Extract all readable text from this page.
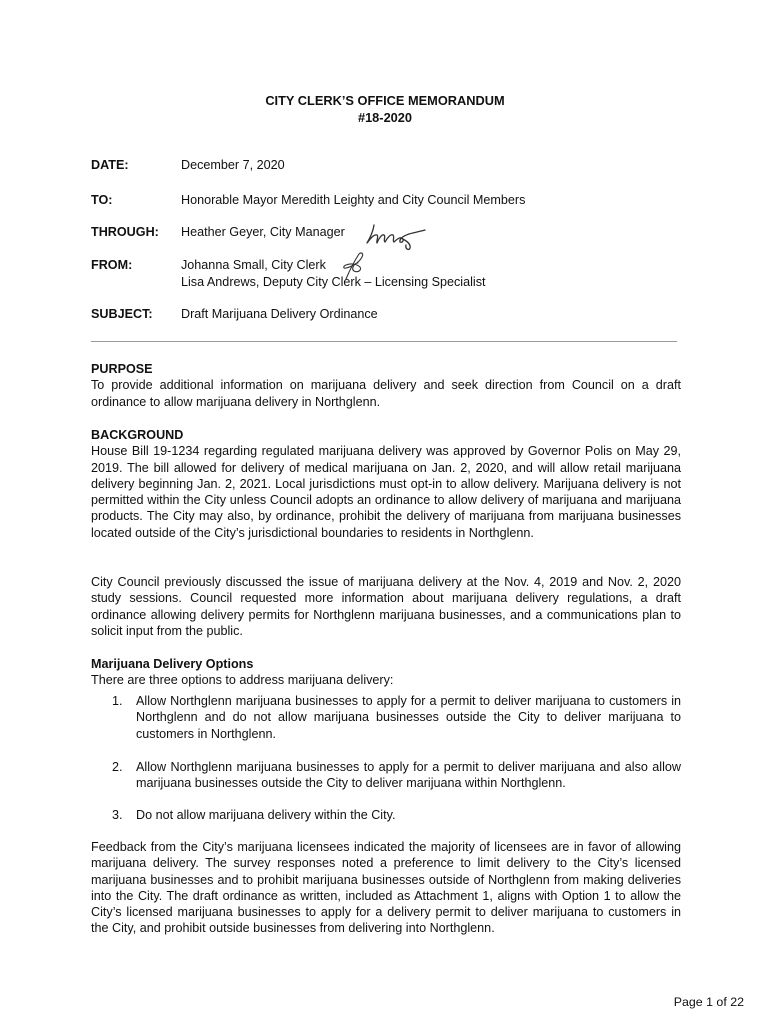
CITY CLERK’S OFFICE MEMORANDUM
#18-2020
DATE:	December 7, 2020
TO:	Honorable Mayor Meredith Leighty and City Council Members
THROUGH: Heather Geyer, City Manager
FROM:	Johanna Small, City Clerk
Lisa Andrews, Deputy City Clerk – Licensing Specialist
SUBJECT: Draft Marijuana Delivery Ordinance
PURPOSE
To provide additional information on marijuana delivery and seek direction from Council on a draft ordinance to allow marijuana delivery in Northglenn.
BACKGROUND
House Bill 19-1234 regarding regulated marijuana delivery was approved by Governor Polis on May 29, 2019. The bill allowed for delivery of medical marijuana on Jan. 2, 2020, and will allow retail marijuana delivery beginning Jan. 2, 2021. Local jurisdictions must opt-in to allow delivery. Marijuana delivery is not permitted within the City unless Council adopts an ordinance to allow delivery of marijuana and marijuana products. The City may also, by ordinance, prohibit the delivery of marijuana from marijuana businesses located outside of the City’s jurisdictional boundaries to residents in Northglenn.
City Council previously discussed the issue of marijuana delivery at the Nov. 4, 2019 and Nov. 2, 2020 study sessions. Council requested more information about marijuana delivery regulations, a draft ordinance allowing delivery permits for Northglenn marijuana businesses, and a communications plan to solicit input from the public.
Marijuana Delivery Options
There are three options to address marijuana delivery:
1. Allow Northglenn marijuana businesses to apply for a permit to deliver marijuana to customers in Northglenn and do not allow marijuana businesses outside the City to deliver marijuana to customers in Northglenn.
2. Allow Northglenn marijuana businesses to apply for a permit to deliver marijuana and also allow marijuana businesses outside the City to deliver marijuana within Northglenn.
3. Do not allow marijuana delivery within the City.
Feedback from the City’s marijuana licensees indicated the majority of licensees are in favor of allowing marijuana delivery. The survey responses noted a preference to limit delivery to the City’s licensed marijuana businesses and to prohibit marijuana businesses outside of Northglenn from making deliveries into the City. The draft ordinance as written, included as Attachment 1, aligns with Option 1 to allow the City’s licensed marijuana businesses to apply for a delivery permit to deliver marijuana to customers in the City, and prohibit outside businesses from delivering into Northglenn.
Page 1 of 22
